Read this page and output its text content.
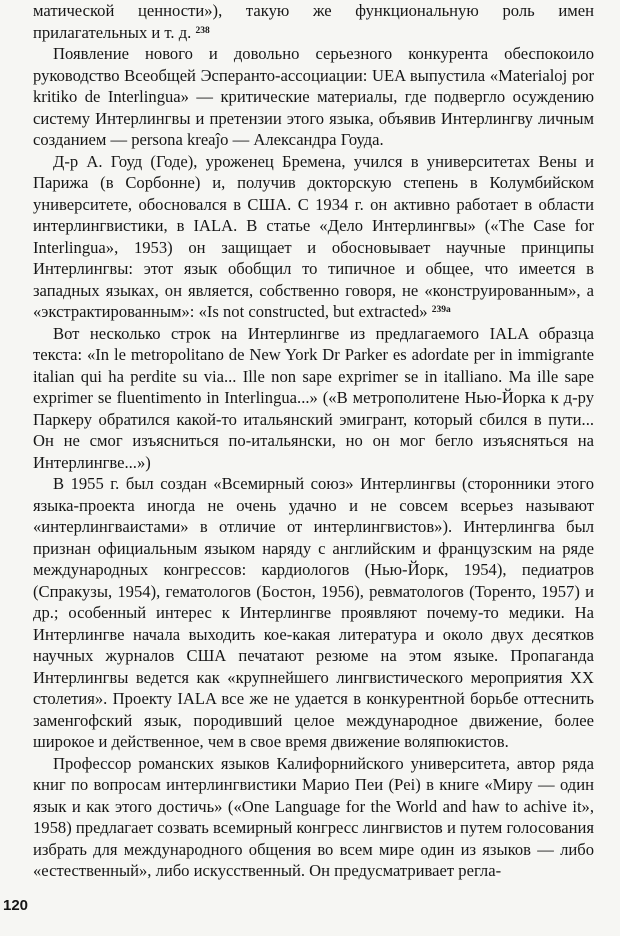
матической ценности»), такую же функциональную роль имен прилагательных и т. д. $^{238}$

Появление нового и довольно серьезного конкурента обеспокоило руководство Всеобщей Эсперанто-ассоциации: UEA выпустила «Materialoj por kritiko de Interlingua» — критические материалы, где подвергло осуждению систему Интерлингвы и претензии этого языка, объявив Интерлингву личным созданием — persona kreaĵo — Александра Гоуда.

Д-р А. Гоуд (Годе), уроженец Бремена, учился в университетах Вены и Парижа (в Сорбонне) и, получив докторскую степень в Колумбийском университете, обосновался в США. С 1934 г. он активно работает в области интерлингвистики, в IALA. В статье «Дело Интерлингвы» («The Case for Interlingua», 1953) он защищает и обосновывает научные принципы Интерлингвы: этот язык обобщил то типичное и общее, что имеется в западных языках, он является, собственно говоря, не «конструированным», а «экстрактированным»: «Is not constructed, but extracted» $^{239a}$

Вот несколько строк на Интерлингве из предлагаемого IALA образца текста: «In le metropolitano de New York Dr Parker es adordate per in immigrante italian qui ha perdite su via... Ille non sape exprimer se in italliano. Ma ille sape exprimer se fluentimento in Interlingua...» («В метрополитене Нью-Йорка к д-ру Паркеру обратился какой-то итальянский эмигрант, который сбился в пути... Он не смог изъясниться по-итальянски, но он мог бегло изъясняться на Интерлингве...»)

В 1955 г. был создан «Всемирный союз» Интерлингвы (сторонники этого языка-проекта иногда не очень удачно и не совсем всерьез называют «интерлингвaистами» в отличие от интерлингвистов»). Интерлингва был признан официальным языком наряду с английским и французским на ряде международных конгрессов: кардиологов (Нью-Йорк, 1954), педиатров (Спракузы, 1954), гематологов (Бостон, 1956), ревматологов (Торенто, 1957) и др.; особенный интерес к Интерлингве проявляют почему-то медики. На Интерлингве начала выходить кое-какая литература и около двух десятков научных журналов США печатают резюме на этом языке. Пропаганда Интерлингвы ведется как «крупнейшего лингвистического мероприятия XX столетия». Проекту IALA все же не удается в конкурентной борьбе оттеснить заменгофский язык, породивший целое международное движение, более широкое и действенное, чем в свое время движение воляпюкистов.

Профессор романских языков Калифорнийского университета, автор ряда книг по вопросам интерлингвистики Марио Пеи (Pei) в книге «Миру — один язык и как этого достичь» («One Language for the World and haw to achive it», 1958) предлагает созвать всемирный конгресс лингвистов и путем голосования избрать для международного общения во всем мире один из языков — либо «естественный», либо искусственный. Он предусматривает регла-

120
